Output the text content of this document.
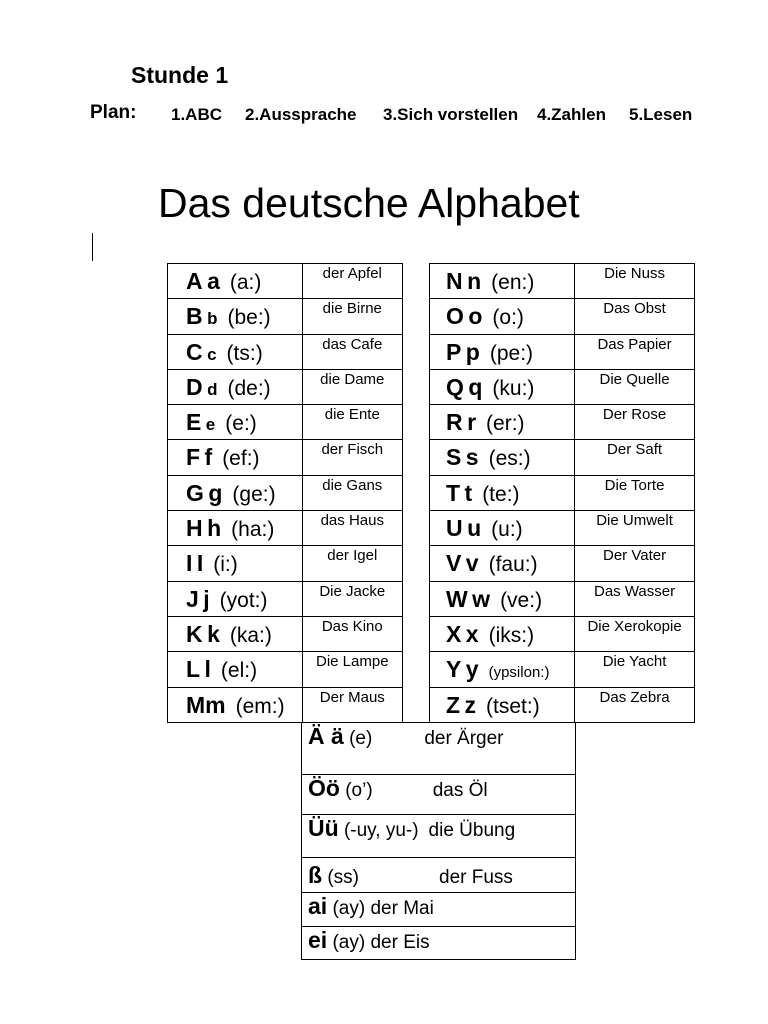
Stunde 1
Plan: 1.ABC 2.Aussprache 3.Sich vorstellen 4.Zahlen 5.Lesen
Das deutsche Alphabet
A a (a:)	der Apfel
B b (be:)	die Birne
C c (ts:)	das Cafe
D d (de:)	die Dame
E e (e:)	die Ente
F f (ef:)	der Fisch
G g (ge:)	die Gans
H h (ha:)	das Haus
I I (i:)	der Igel
J j (yot:)	Die Jacke
K k (ka:)	Das Kino
L l (el:)	Die Lampe
Mm (em:)	Der Maus
N n (en:)	Die Nuss
O o (o:)	Das Obst
P p (pe:)	Das Papier
Q q (ku:)	Die Quelle
R r (er:)	Der Rose
S s (es:)	Der Saft
T t (te:)	Die Torte
U u (u:)	Die Umwelt
V v (fau:)	Der Vater
W w (ve:)	Das Wasser
X x (iks:)	Die Xerokopie
Y y (ypsilon:)	Die Yacht
Z z (tset:)	Das Zebra
Ä ä (e)	der Ärger
Öö (o’)	das Öl
Üü (-uy, yu-) die Übung
ß (ss)	der Fuss
ai (ay) der Mai
ei (ay) der Eis
